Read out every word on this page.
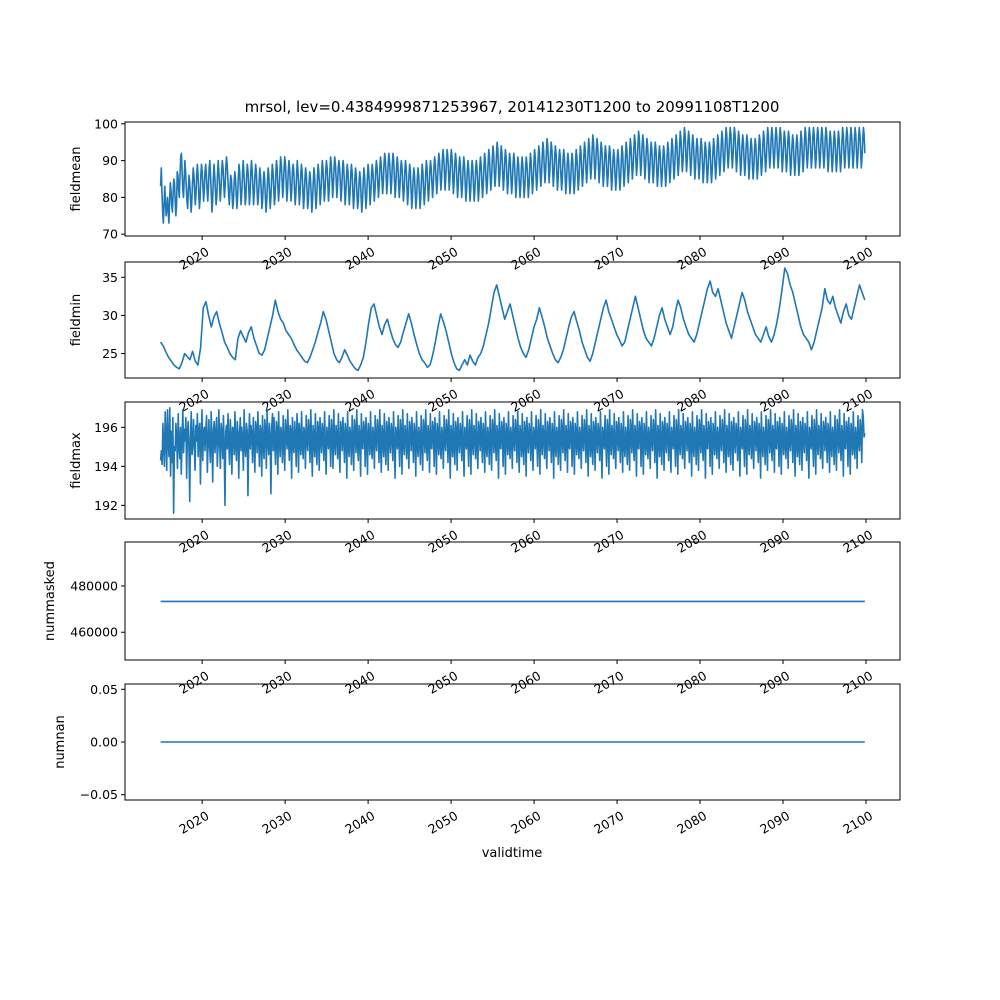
mrsol, lev=0.4384999871253967, 20141230T1200 to 20991108T1200
70
80
90
100
2020	2030	2040	2050	2060	2070	2080	2090	2100
fieldmean
25
30
35
2020	2030	2040	2050	2060	2070	2080	2090	2100
fieldmin
192
194
196
2020	2030	2040	2050	2060	2070	2080	2090	2100
fieldmax
460000
480000
2020	2030	2040	2050	2060	2070	2080	2090	2100
nummasked
−0.05
0.00
0.05
2020	2030	2040	2050	2060	2070	2080	2090	2100
numnan
validtime
